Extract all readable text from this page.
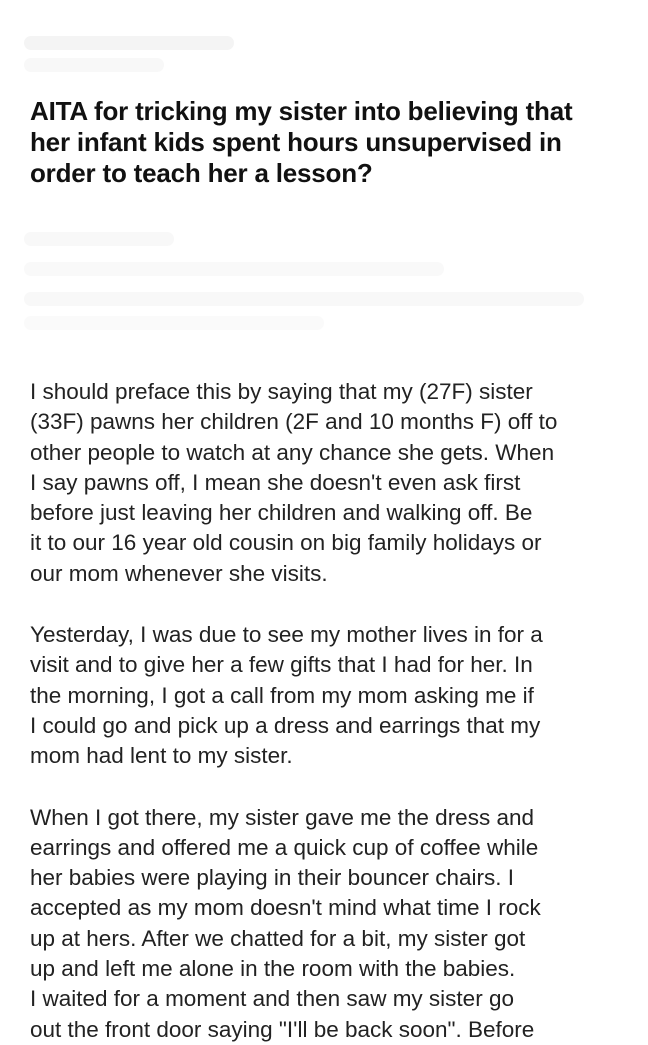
AITA for tricking my sister into believing that
her infant kids spent hours unsupervised in
order to teach her a lesson?

I should preface this by saying that my (27F) sister
(33F) pawns her children (2F and 10 months F) off to
other people to watch at any chance she gets. When
I say pawns off, I mean she doesn't even ask first
before just leaving her children and walking off. Be
it to our 16 year old cousin on big family holidays or
our mom whenever she visits.

Yesterday, I was due to see my mother lives in for a
visit and to give her a few gifts that I had for her. In
the morning, I got a call from my mom asking me if
I could go and pick up a dress and earrings that my
mom had lent to my sister.

When I got there, my sister gave me the dress and
earrings and offered me a quick cup of coffee while
her babies were playing in their bouncer chairs. I
accepted as my mom doesn't mind what time I rock
up at hers. After we chatted for a bit, my sister got
up and left me alone in the room with the babies.
I waited for a moment and then saw my sister go
out the front door saying "I'll be back soon". Before
